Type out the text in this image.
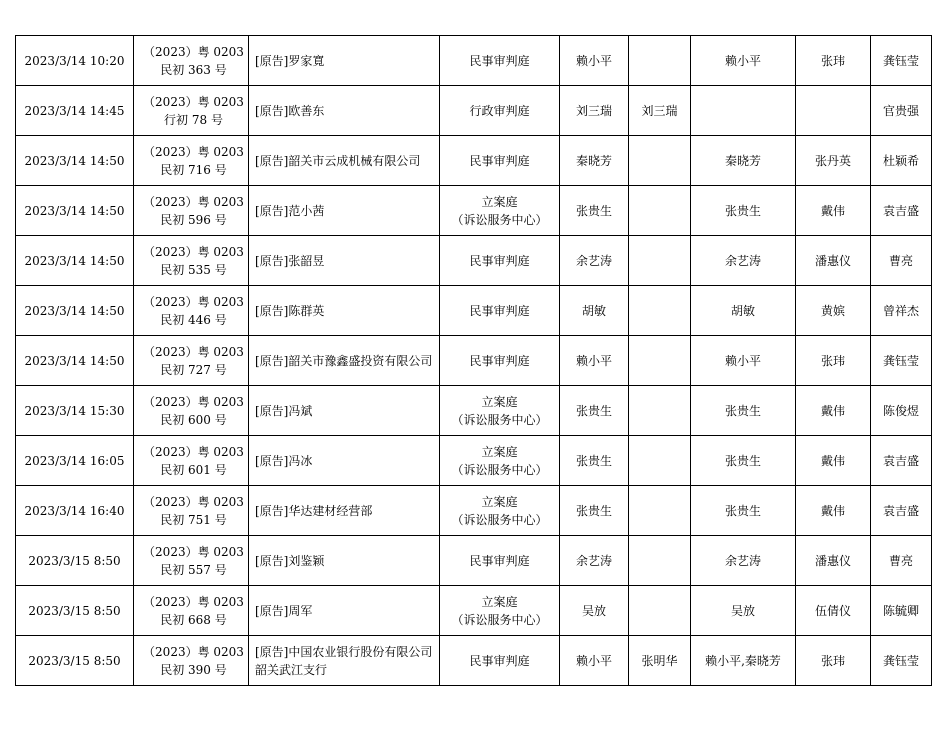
2023/3/14 10:20	（2023）粤 0203
民初 363 号	[原告]罗家寬	民事审判庭	赖小平		赖小平	张玮	龚钰莹
2023/3/14 14:45	（2023）粤 0203
行初 78 号	[原告]欧善东	行政审判庭	刘三瑞	刘三瑞			官贵强
2023/3/14 14:50	（2023）粤 0203
民初 716 号	[原告]韶关市云成机械有限公司	民事审判庭	秦晓芳		秦晓芳	张丹英	杜颖希
2023/3/14 14:50	（2023）粤 0203
民初 596 号	[原告]范小茜	立案庭
（诉讼服务中心）	张贵生		张贵生	戴伟	袁吉盛
2023/3/14 14:50	（2023）粤 0203
民初 535 号	[原告]张韶昱	民事审判庭	余艺涛		余艺涛	潘惠仪	曹亮
2023/3/14 14:50	（2023）粤 0203
民初 446 号	[原告]陈群英	民事审判庭	胡敏		胡敏	黄嫔	曾祥杰
2023/3/14 14:50	（2023）粤 0203
民初 727 号	[原告]韶关市豫鑫盛投资有限公司	民事审判庭	赖小平		赖小平	张玮	龚钰莹
2023/3/14 15:30	（2023）粤 0203
民初 600 号	[原告]冯斌	立案庭
（诉讼服务中心）	张贵生		张贵生	戴伟	陈俊煜
2023/3/14 16:05	（2023）粤 0203
民初 601 号	[原告]冯冰	立案庭
（诉讼服务中心）	张贵生		张贵生	戴伟	袁吉盛
2023/3/14 16:40	（2023）粤 0203
民初 751 号	[原告]华达建材经营部	立案庭
（诉讼服务中心）	张贵生		张贵生	戴伟	袁吉盛
2023/3/15 8:50	（2023）粤 0203
民初 557 号	[原告]刘鉴颖	民事审判庭	余艺涛		余艺涛	潘惠仪	曹亮
2023/3/15 8:50	（2023）粤 0203
民初 668 号	[原告]周军	立案庭
（诉讼服务中心）	吴放		吴放	伍倩仪	陈毓卿
2023/3/15 8:50	（2023）粤 0203
民初 390 号	[原告]中国农业银行股份有限公司韶关武江支行	民事审判庭	赖小平	张明华	赖小平,秦晓芳	张玮	龚钰莹
